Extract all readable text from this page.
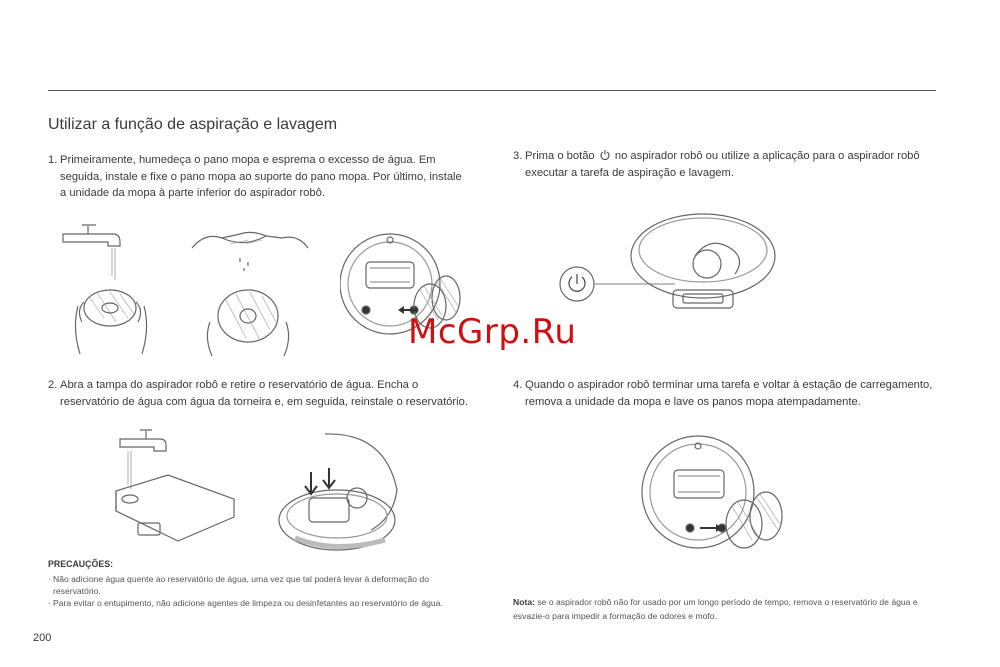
Utilizar a função de aspiração e lavagem
1. Primeiramente, humedeça o pano mopa e esprema o excesso de água. Em seguida, instale e fixe o pano mopa ao suporte do pano mopa. Por último, instale a unidade da mopa à parte inferior do aspirador robô.
3. Prima o botão no aspirador robô ou utilize a aplicação para o aspirador robô executar a tarefa de aspiração e lavagem.
McGrp.Ru
2. Abra a tampa do aspirador robô e retire o reservatório de água. Encha o reservatório de água com água da torneira e, em seguida, reinstale o reservatório.
4. Quando o aspirador robô terminar uma tarefa e voltar à estação de carregamento, remova a unidade da mopa e lave os panos mopa atempadamente.
PRECAUÇÕES:
· Não adicione água quente ao reservatório de água, uma vez que tal poderá levar à deformação do reservatório.
· Para evitar o entupimento, não adicione agentes de limpeza ou desinfetantes ao reservatório de água.	Nota: se o aspirador robô não for usado por um longo período de tempo, remova o reservatório de água e esvazie-o para impedir a formação de odores e mofo.
200
